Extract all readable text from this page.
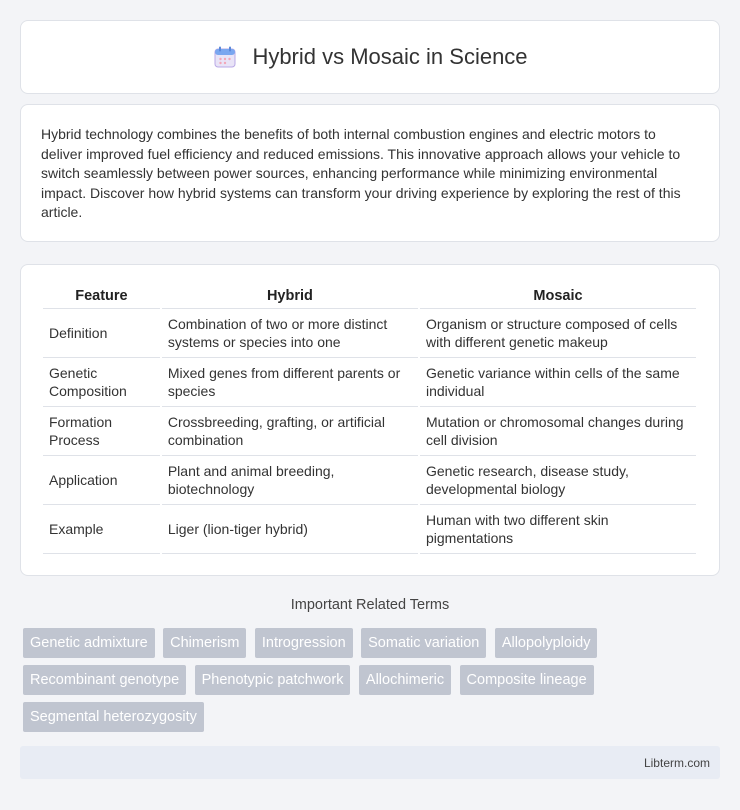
Hybrid vs Mosaic in Science

Hybrid technology combines the benefits of both internal combustion engines and electric motors to deliver improved fuel efficiency and reduced emissions. This innovative approach allows your vehicle to switch seamlessly between power sources, enhancing performance while minimizing environmental impact. Discover how hybrid systems can transform your driving experience by exploring the rest of this article.

Feature	Hybrid	Mosaic
Definition	Combination of two or more distinct systems or species into one	Organism or structure composed of cells with different genetic makeup
Genetic Composition	Mixed genes from different parents or species	Genetic variance within cells of the same individual
Formation Process	Crossbreeding, grafting, or artificial combination	Mutation or chromosomal changes during cell division
Application	Plant and animal breeding, biotechnology	Genetic research, disease study, developmental biology
Example	Liger (lion-tiger hybrid)	Human with two different skin pigmentations
Important Related Terms
Genetic admixture Chimerism Introgression Somatic variation Allopolyploidy Recombinant genotype Phenotypic patchwork Allochimeric Composite lineage Segmental heterozygosity
Libterm.com
